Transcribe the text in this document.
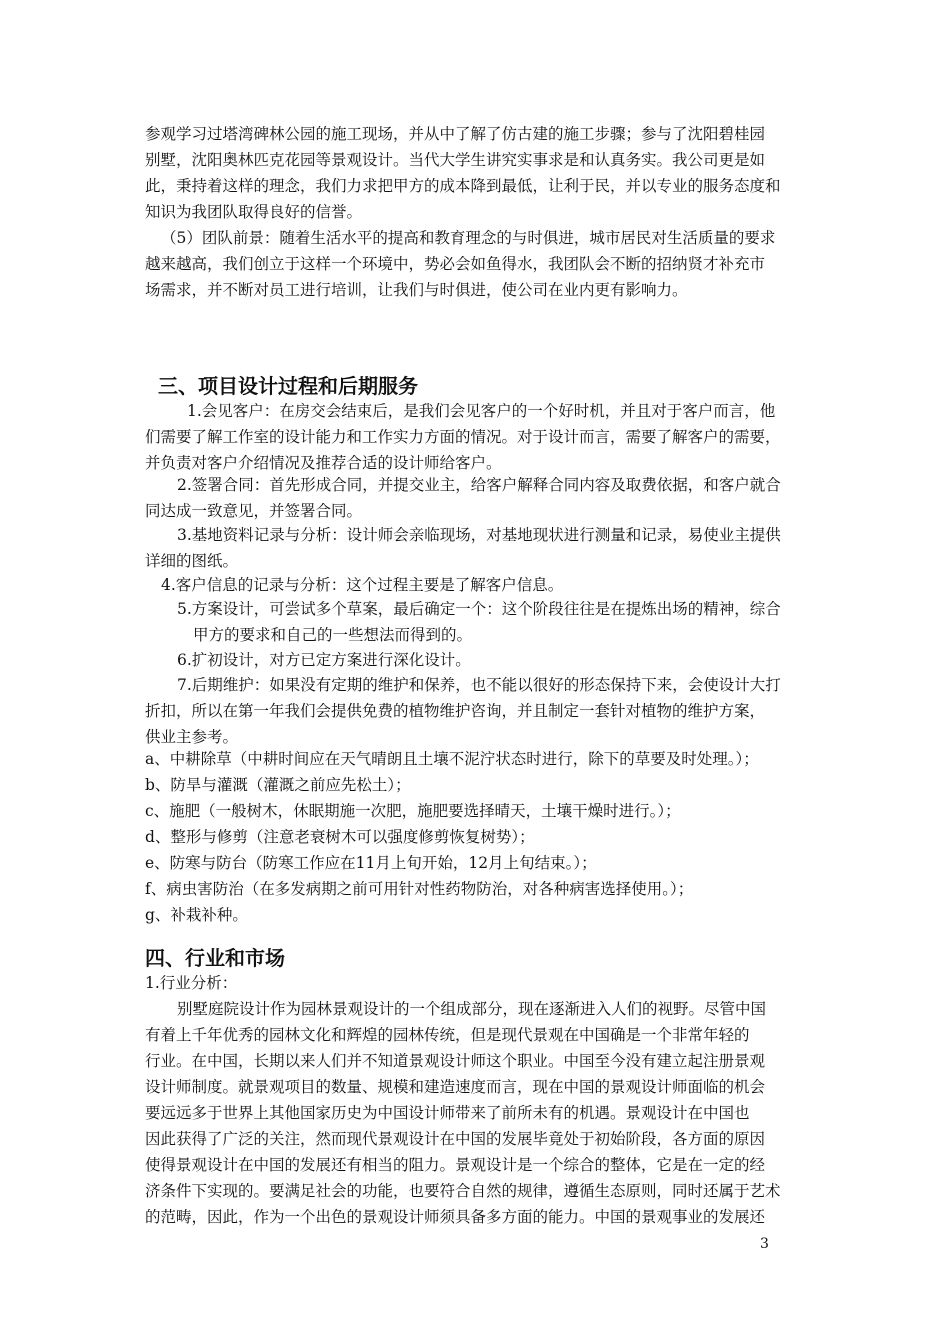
参观学习过塔湾碑林公园的施工现场，并从中了解了仿古建的施工步骤；参与了沈阳碧桂园
别墅，沈阳奥林匹克花园等景观设计。当代大学生讲究实事求是和认真务实。我公司更是如
此，秉持着这样的理念，我们力求把甲方的成本降到最低，让利于民，并以专业的服务态度和
知识为我团队取得良好的信誉。
（5）团队前景：随着生活水平的提高和教育理念的与时俱进，城市居民对生活质量的要求
越来越高，我们创立于这样一个环境中，势必会如鱼得水，我团队会不断的招纳贤才补充市
场需求，并不断对员工进行培训，让我们与时俱进，使公司在业内更有影响力。
三、项目设计过程和后期服务
1.会见客户：在房交会结束后，是我们会见客户的一个好时机，并且对于客户而言，他
们需要了解工作室的设计能力和工作实力方面的情况。对于设计而言，需要了解客户的需要，
并负责对客户介绍情况及推荐合适的设计师给客户。
2.签署合同：首先形成合同，并提交业主，给客户解释合同内容及取费依据，和客户就合
同达成一致意见，并签署合同。
3.基地资料记录与分析：设计师会亲临现场，对基地现状进行测量和记录，易使业主提供
详细的图纸。
4.客户信息的记录与分析：这个过程主要是了解客户信息。
5.方案设计，可尝试多个草案，最后确定一个：这个阶段往往是在提炼出场的精神，综合
甲方的要求和自己的一些想法而得到的。
6.扩初设计，对方已定方案进行深化设计。
7.后期维护：如果没有定期的维护和保养，也不能以很好的形态保持下来，会使设计大打
折扣，所以在第一年我们会提供免费的植物维护咨询，并且制定一套针对植物的维护方案，
供业主参考。
a、中耕除草（中耕时间应在天气晴朗且土壤不泥泞状态时进行，除下的草要及时处理。）；
b、防旱与灌溉（灌溉之前应先松土）；
c、施肥（一般树木，休眠期施一次肥，施肥要选择晴天，土壤干燥时进行。）；
d、整形与修剪（注意老衰树木可以强度修剪恢复树势）；
e、防寒与防台（防寒工作应在11月上旬开始，12月上旬结束。）；
f、病虫害防治（在多发病期之前可用针对性药物防治，对各种病害选择使用。）；
g、补栽补种。
四、行业和市场
1.行业分析：
别墅庭院设计作为园林景观设计的一个组成部分，现在逐渐进入人们的视野。尽管中国
有着上千年优秀的园林文化和辉煌的园林传统，但是现代景观在中国确是一个非常年轻的
行业。在中国，长期以来人们并不知道景观设计师这个职业。中国至今没有建立起注册景观
设计师制度。就景观项目的数量、规模和建造速度而言，现在中国的景观设计师面临的机会
要远远多于世界上其他国家历史为中国设计师带来了前所未有的机遇。景观设计在中国也
因此获得了广泛的关注，然而现代景观设计在中国的发展毕竟处于初始阶段，各方面的原因
使得景观设计在中国的发展还有相当的阻力。景观设计是一个综合的整体，它是在一定的经
济条件下实现的。要满足社会的功能，也要符合自然的规律，遵循生态原则，同时还属于艺术
的范畴，因此，作为一个出色的景观设计师须具备多方面的能力。中国的景观事业的发展还
3
